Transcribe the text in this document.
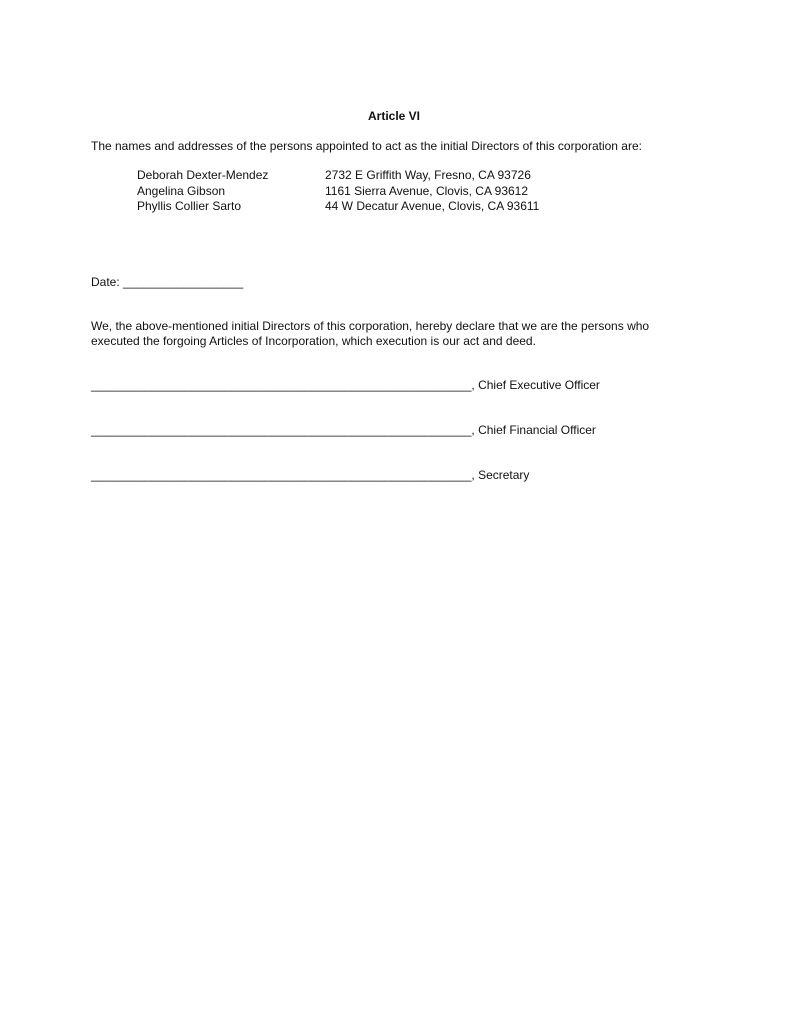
Article VI
The names and addresses of the persons appointed to act as the initial Directors of this corporation are:
Deborah Dexter-Mendez	2732 E Griffith Way, Fresno, CA 93726
Angelina Gibson	1161 Sierra Avenue, Clovis, CA 93612
Phyllis Collier Sarto	44 W Decatur Avenue, Clovis, CA 93611
Date: __________________

We, the above-mentioned initial Directors of this corporation, hereby declare that we are the persons who

executed the forgoing Articles of Incorporation, which execution is our act and deed.

_________________________________________________________, Chief Executive Officer
_________________________________________________________, Chief Financial Officer
_________________________________________________________, Secretary
